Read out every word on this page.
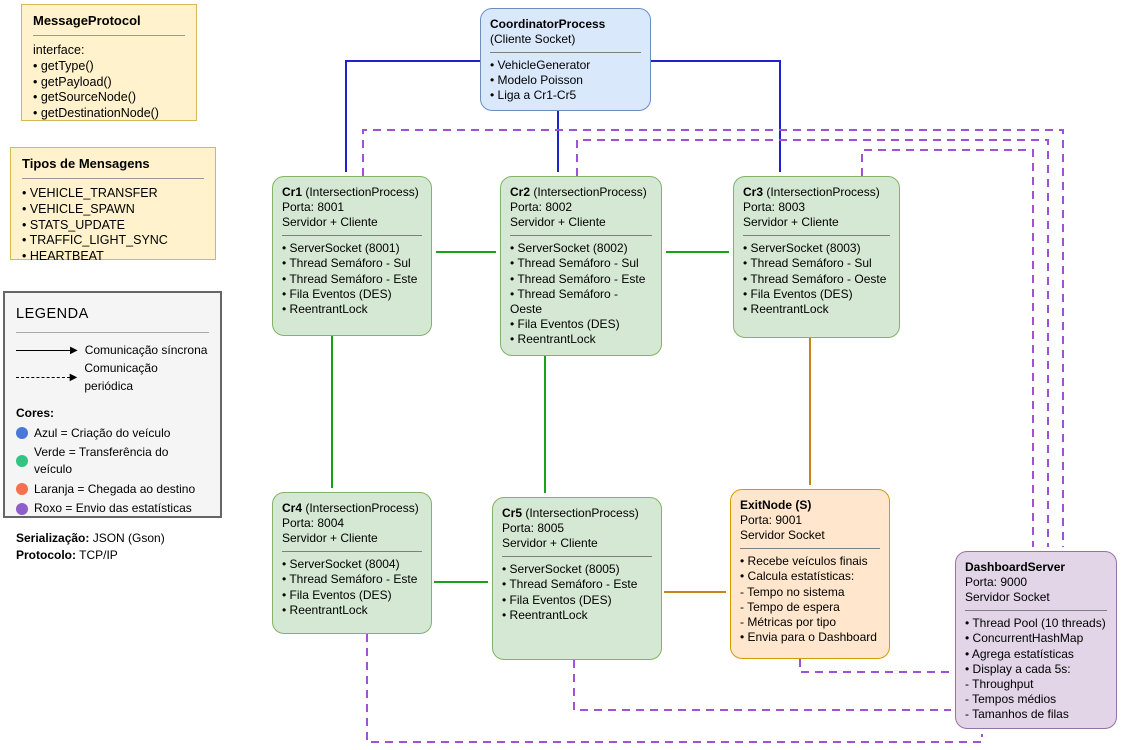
MessageProtocol
interface:
• getType()
• getPayload()
• getSourceNode()
• getDestinationNode()
Tipos de Mensagens
• VEHICLE_TRANSFER
• VEHICLE_SPAWN
• STATS_UPDATE
• TRAFFIC_LIGHT_SYNC
• HEARTBEAT
LEGENDA
▶ Comunicação síncrona
▶
Comunicação periódica
Cores:
Azul = Criação do veículo
Verde = Transferência do veículo
Laranja = Chegada ao destino
Roxo = Envio das estatísticas
Serialização: JSON (Gson)
Protocolo: TCP/IP
CoordinatorProcess
(Cliente Socket)
• VehicleGenerator
• Modelo Poisson
• Liga a Cr1-Cr5
Cr1 (IntersectionProcess)
Porta: 8001
Servidor + Cliente
• ServerSocket (8001)
• Thread Semáforo - Sul
• Thread Semáforo - Este
• Fila Eventos (DES)
• ReentrantLock
Cr2 (IntersectionProcess)
Porta: 8002
Servidor + Cliente
• ServerSocket (8002)
• Thread Semáforo - Sul
• Thread Semáforo - Este
• Thread Semáforo - Oeste
• Fila Eventos (DES)
• ReentrantLock
Cr3 (IntersectionProcess)
Porta: 8003
Servidor + Cliente
• ServerSocket (8003)
• Thread Semáforo - Sul
• Thread Semáforo - Oeste
• Fila Eventos (DES)
• ReentrantLock
Cr4 (IntersectionProcess)
Porta: 8004
Servidor + Cliente
• ServerSocket (8004)
• Thread Semáforo - Este
• Fila Eventos (DES)
• ReentrantLock
Cr5 (IntersectionProcess)
Porta: 8005
Servidor + Cliente
• ServerSocket (8005)
• Thread Semáforo - Este
• Fila Eventos (DES)
• ReentrantLock
ExitNode (S)
Porta: 9001
Servidor Socket
• Recebe veículos finais
• Calcula estatísticas:
- Tempo no sistema
- Tempo de espera
- Métricas por tipo
• Envia para o Dashboard
DashboardServer
Porta: 9000
Servidor Socket
• Thread Pool (10 threads)
• ConcurrentHashMap
• Agrega estatísticas
• Display a cada 5s:
- Throughput
- Tempos médios
- Tamanhos de filas
